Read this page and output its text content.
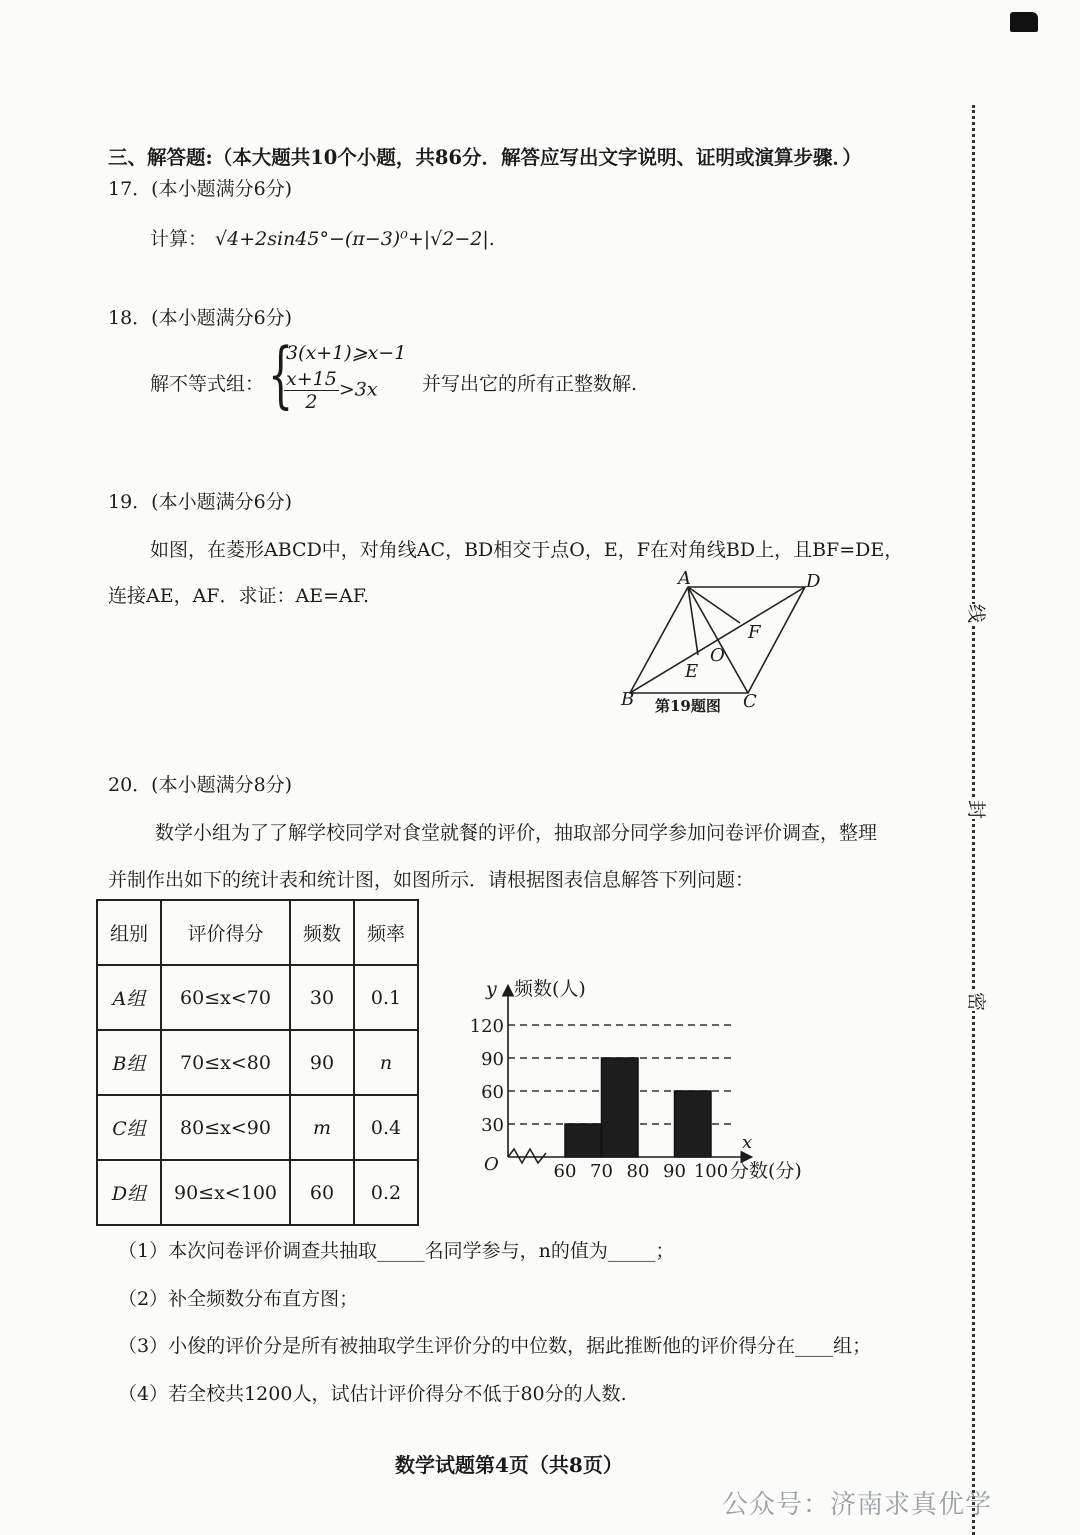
线
封
密
三、解答题:（本大题共10个小题，共86分．解答应写出文字说明、证明或演算步骤．）
17．(本小题满分6分)
计算： √4+2sin45°−(π−3)⁰+|√2−2|.
18．(本小题满分6分)
解不等式组： {
3(x+1)⩾x−1
$\frac{x+15}{2} >3x$ 并写出它的所有正整数解.
19．(本小题满分6分)
如图，在菱形ABCD中，对角线AC，BD相交于点O，E，F在对角线BD上，且BF=DE，
连接AE，AF．求证：AE=AF.
A	D
F
O
E
B	C
第19题图
20．(本小题满分8分)
数学小组为了了解学校同学对食堂就餐的评价，抽取部分同学参加问卷评价调查，整理
并制作出如下的统计表和统计图，如图所示．请根据图表信息解答下列问题：
组别	评价得分	频数	频率
A组	60≤x<70	30	0.1
B组	70≤x<80	90	n
C组	80≤x<90	m	0.4
D组	90≤x<100	60	0.2
30
60
90
120
60 70 80 90 100
O
y 频数(人)
x
分数(分)
（1）本次问卷评价调查共抽取_____名同学参与，n的值为_____；
（2）补全频数分布直方图；
（3）小俊的评价分是所有被抽取学生评价分的中位数，据此推断他的评价得分在____组；
（4）若全校共1200人，试估计评价得分不低于80分的人数.
数学试题第4页（共8页）
公众号：济南求真优学
